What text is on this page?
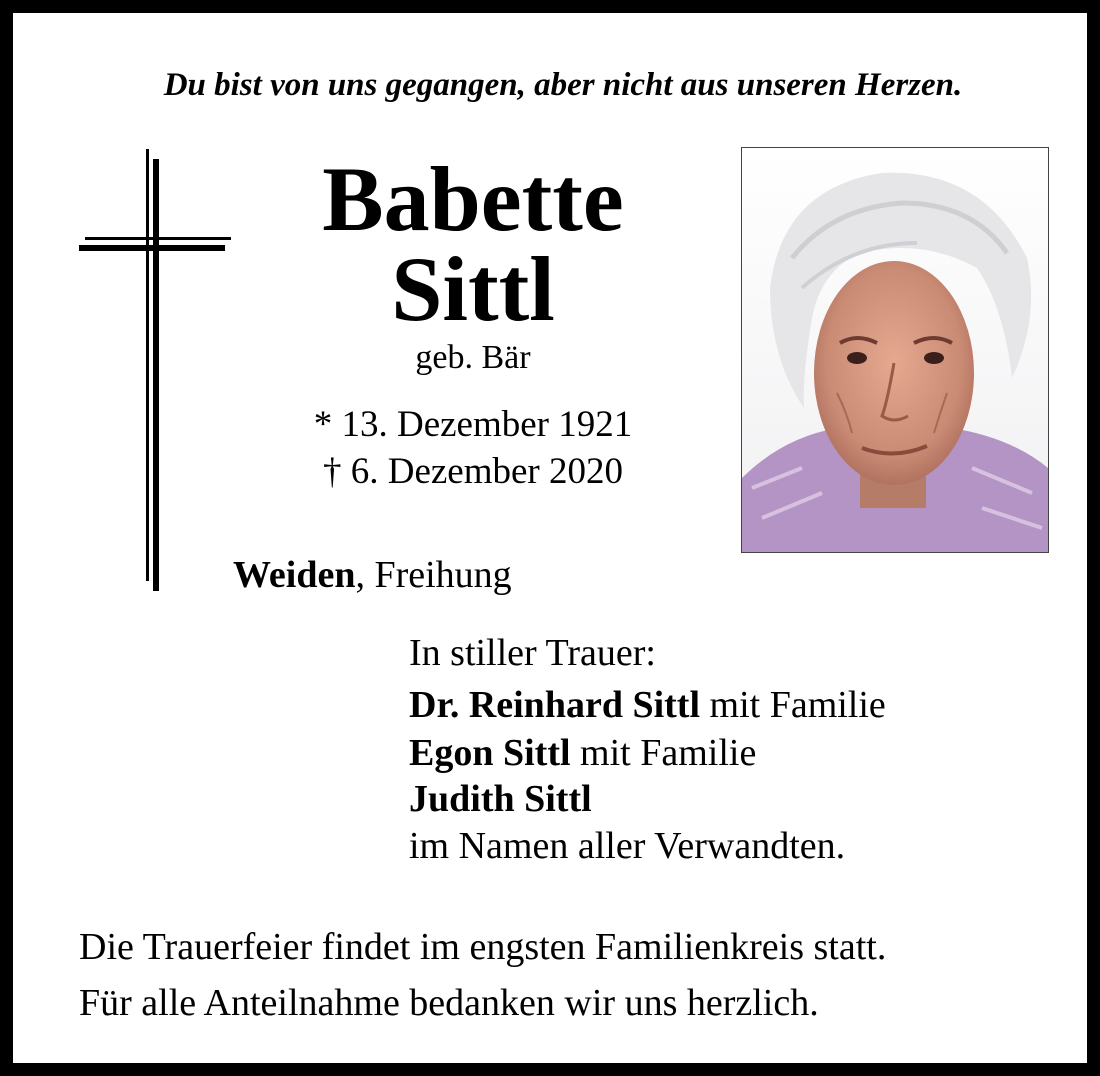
Du bist von uns gegangen, aber nicht aus unseren Herzen.
Babette
Sittl
geb. Bär
* 13. Dezember 1921
† 6. Dezember 2020
Weiden, Freihung
In stiller Trauer:
Dr. Reinhard Sittl mit Familie
Egon Sittl mit Familie
Judith Sittl
im Namen aller Verwandten.
Die Trauerfeier findet im engsten Familienkreis statt.
Für alle Anteilnahme bedanken wir uns herzlich.
